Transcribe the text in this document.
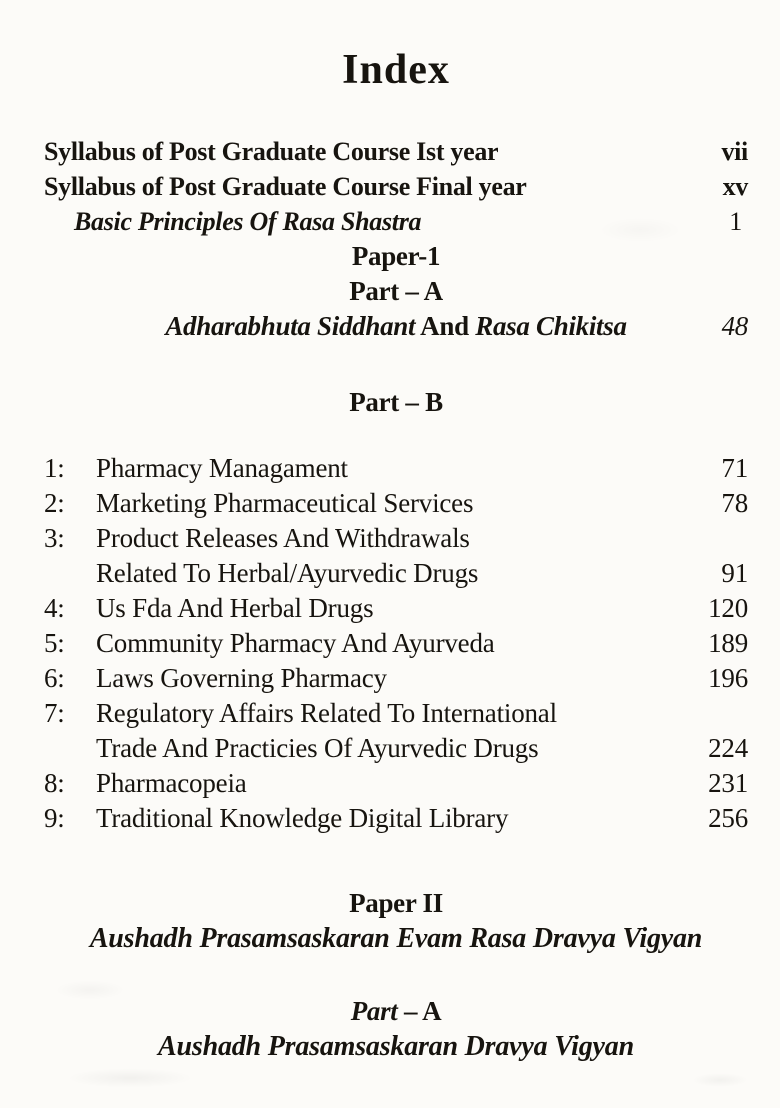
Index
Syllabus of Post Graduate Course Ist year	vii
Syllabus of Post Graduate Course Final year	xv
Basic Principles Of Rasa Shastra	1
Paper-1
Part – A
Adharabhuta Siddhant And Rasa Chikitsa	48
Part – B
1:	Pharmacy Managament	71
2:	Marketing Pharmaceutical Services	78
3:	Product Releases And Withdrawals
Related To Herbal/Ayurvedic Drugs	91
4:	Us Fda And Herbal Drugs	120
5:	Community Pharmacy And Ayurveda	189
6:	Laws Governing Pharmacy	196
7:	Regulatory Affairs Related To International
Trade And Practicies Of Ayurvedic Drugs	224
8:	Pharmacopeia	231
9:	Traditional Knowledge Digital Library	256
Paper II
Aushadh Prasamsaskaran Evam Rasa Dravya Vigyan
Part – A
Aushadh Prasamsaskaran Dravya Vigyan
